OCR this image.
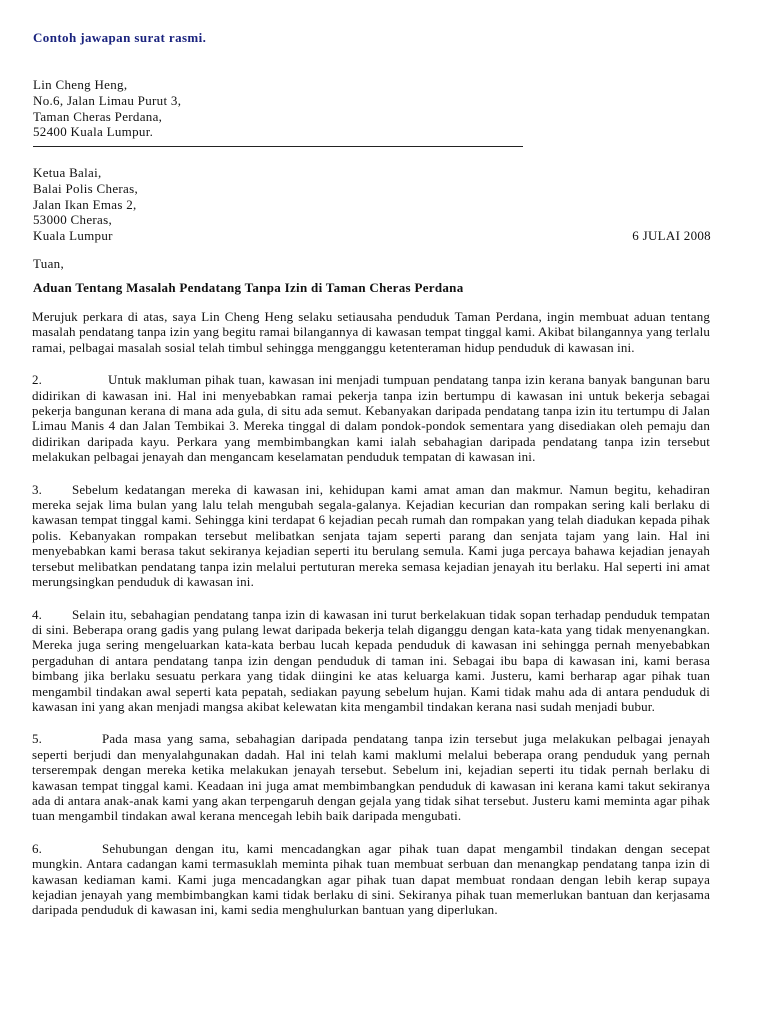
Contoh jawapan surat rasmi.
Lin Cheng Heng,
No.6, Jalan Limau Purut 3,
Taman Cheras Perdana,
52400 Kuala Lumpur.
Ketua Balai,
Balai Polis Cheras,
Jalan Ikan Emas 2,
53000 Cheras,
Kuala Lumpur	6 JULAI 2008
Tuan,

Aduan Tentang Masalah Pendatang Tanpa Izin di Taman Cheras Perdana

Merujuk perkara di atas, saya Lin Cheng Heng selaku setiausaha penduduk Taman Perdana, ingin membuat aduan tentang masalah pendatang tanpa izin yang begitu ramai bilangannya di kawasan tempat tinggal kami. Akibat bilangannya yang terlalu ramai, pelbagai masalah sosial telah timbul sehingga mengganggu ketenteraman hidup penduduk di kawasan ini.

2.	Untuk makluman pihak tuan, kawasan ini menjadi tumpuan pendatang tanpa izin kerana banyak bangunan baru didirikan di kawasan ini. Hal ini menyebabkan ramai pekerja tanpa izin bertumpu di kawasan ini untuk bekerja sebagai pekerja bangunan kerana di mana ada gula, di situ ada semut. Kebanyakan daripada pendatang tanpa izin itu tertumpu di Jalan Limau Manis 4 dan Jalan Tembikai 3. Mereka tinggal di dalam pondok-pondok sementara yang disediakan oleh pemaju dan didirikan daripada kayu. Perkara yang membimbangkan kami ialah sebahagian daripada pendatang tanpa izin tersebut melakukan pelbagai jenayah dan mengancam keselamatan penduduk tempatan di kawasan ini.

3. Sebelum kedatangan mereka di kawasan ini, kehidupan kami amat aman dan makmur. Namun begitu, kehadiran mereka sejak lima bulan yang lalu telah mengubah segala-galanya. Kejadian kecurian dan rompakan sering kali berlaku di kawasan tempat tinggal kami. Sehingga kini terdapat 6 kejadian pecah rumah dan rompakan yang telah diadukan kepada pihak polis. Kebanyakan rompakan tersebut melibatkan senjata tajam seperti parang dan senjata tajam yang lain. Hal ini menyebabkan kami berasa takut sekiranya kejadian seperti itu berulang semula. Kami juga percaya bahawa kejadian jenayah tersebut melibatkan pendatang tanpa izin melalui pertuturan mereka semasa kejadian jenayah itu berlaku. Hal seperti ini amat merungsingkan penduduk di kawasan ini.

4. Selain itu, sebahagian pendatang tanpa izin di kawasan ini turut berkelakuan tidak sopan terhadap penduduk tempatan di sini. Beberapa orang gadis yang pulang lewat daripada bekerja telah diganggu dengan kata-kata yang tidak menyenangkan. Mereka juga sering mengeluarkan kata-kata berbau lucah kepada penduduk di kawasan ini sehingga pernah menyebabkan pergaduhan di antara pendatang tanpa izin dengan penduduk di taman ini. Sebagai ibu bapa di kawasan ini, kami berasa bimbang jika berlaku sesuatu perkara yang tidak diingini ke atas keluarga kami. Justeru, kami berharap agar pihak tuan mengambil tindakan awal seperti kata pepatah, sediakan payung sebelum hujan. Kami tidak mahu ada di antara penduduk di kawasan ini yang akan menjadi mangsa akibat kelewatan kita mengambil tindakan kerana nasi sudah menjadi bubur.

5.	Pada masa yang sama, sebahagian daripada pendatang tanpa izin tersebut juga melakukan pelbagai jenayah seperti berjudi dan menyalahgunakan dadah. Hal ini telah kami maklumi melalui beberapa orang penduduk yang pernah terserempak dengan mereka ketika melakukan jenayah tersebut. Sebelum ini, kejadian seperti itu tidak pernah berlaku di kawasan tempat tinggal kami. Keadaan ini juga amat membimbangkan penduduk di kawasan ini kerana kami takut sekiranya ada di antara anak-anak kami yang akan terpengaruh dengan gejala yang tidak sihat tersebut. Justeru kami meminta agar pihak tuan mengambil tindakan awal kerana mencegah lebih baik daripada mengubati.

6.	Sehubungan dengan itu, kami mencadangkan agar pihak tuan dapat mengambil tindakan dengan secepat mungkin. Antara cadangan kami termasuklah meminta pihak tuan membuat serbuan dan menangkap pendatang tanpa izin di kawasan kediaman kami. Kami juga mencadangkan agar pihak tuan dapat membuat rondaan dengan lebih kerap supaya kejadian jenayah yang membimbangkan kami tidak berlaku di sini. Sekiranya pihak tuan memerlukan bantuan dan kerjasama daripada penduduk di kawasan ini, kami sedia menghulurkan bantuan yang diperlukan.
